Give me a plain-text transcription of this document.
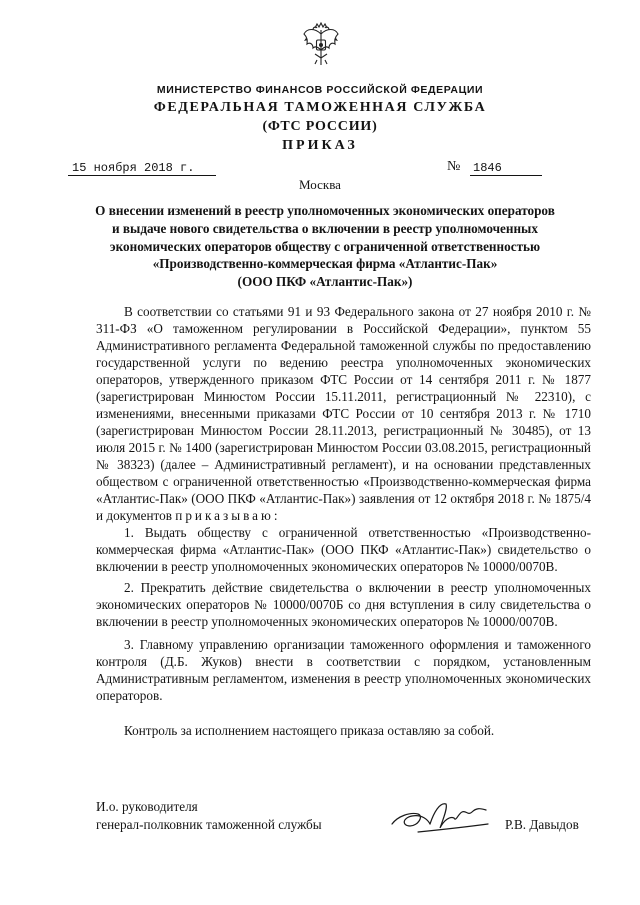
МИНИСТЕРСТВО ФИНАНСОВ РОССИЙСКОЙ ФЕДЕРАЦИИ
ФЕДЕРАЛЬНАЯ ТАМОЖЕННАЯ СЛУЖБА
(ФТС РОССИИ)
ПРИКАЗ
15 ноября 2018 г.	№ 1846
Москва
О внесении изменений в реестр уполномоченных экономических операторов
и выдаче нового свидетельства о включении в реестр уполномоченных
экономических операторов обществу с ограниченной ответственностью
«Производственно-коммерческая фирма «Атлантис-Пак»
(ООО ПКФ «Атлантис-Пак»)

В соответствии со статьями 91 и 93 Федерального закона от 27 ноября 2010 г. № 311-ФЗ «О таможенном регулировании в Российской Федерации», пунктом 55 Административного регламента Федеральной таможенной службы по предоставлению государственной услуги по ведению реестра уполномоченных экономических операторов, утвержденного приказом ФТС России от 14 сентября 2011 г. № 1877 (зарегистрирован Минюстом России 15.11.2011, регистрационный № 22310), с изменениями, внесенными приказами ФТС России от 10 сентября 2013 г. № 1710 (зарегистрирован Минюстом России 28.11.2013, регистрационный № 30485), от 13 июля 2015 г. № 1400 (зарегистрирован Минюстом России 03.08.2015, регистрационный № 38323) (далее – Административный регламент), и на основании представленных обществом с ограниченной ответственностью «Производственно-коммерческая фирма «Атлантис-Пак» (ООО ПКФ «Атлантис-Пак») заявления от 12 октября 2018 г. № 1875/4 и документов приказываю:

1. Выдать обществу с ограниченной ответственностью «Производственно-коммерческая фирма «Атлантис-Пак» (ООО ПКФ «Атлантис-Пак») свидетельство о включении в реестр уполномоченных экономических операторов № 10000/0070В.

2. Прекратить действие свидетельства о включении в реестр уполномоченных экономических операторов № 10000/0070Б со дня вступления в силу свидетельства о включении в реестр уполномоченных экономических операторов № 10000/0070В.

3. Главному управлению организации таможенного оформления и таможенного контроля (Д.Б. Жуков) внести в соответствии с порядком, установленным Административным регламентом, изменения в реестр уполномоченных экономических операторов.

Контроль за исполнением настоящего приказа оставляю за собой.

И.о. руководителя
генерал-полковник таможенной службы	Р.В. Давыдов
